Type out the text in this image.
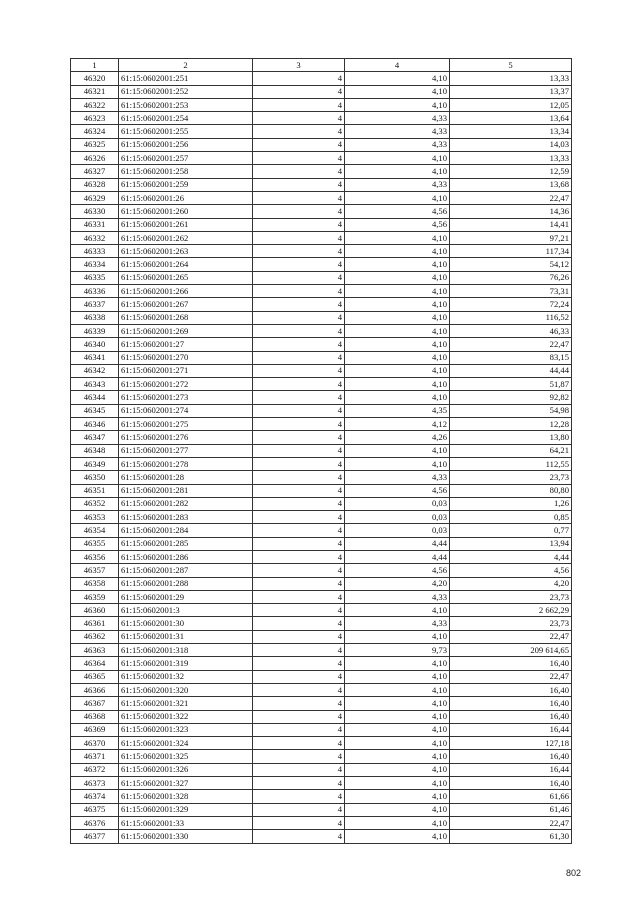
1	2	3	4	5
46320	61:15:0602001:251	4	4,10	13,33
46321	61:15:0602001:252	4	4,10	13,37
46322	61:15:0602001:253	4	4,10	12,05
46323	61:15:0602001:254	4	4,33	13,64
46324	61:15:0602001:255	4	4,33	13,34
46325	61:15:0602001:256	4	4,33	14,03
46326	61:15:0602001:257	4	4,10	13,33
46327	61:15:0602001:258	4	4,10	12,59
46328	61:15:0602001:259	4	4,33	13,68
46329	61:15:0602001:26	4	4,10	22,47
46330	61:15:0602001:260	4	4,56	14,36
46331	61:15:0602001:261	4	4,56	14,41
46332	61:15:0602001:262	4	4,10	97,21
46333	61:15:0602001:263	4	4,10	117,34
46334	61:15:0602001:264	4	4,10	54,12
46335	61:15:0602001:265	4	4,10	76,26
46336	61:15:0602001:266	4	4,10	73,31
46337	61:15:0602001:267	4	4,10	72,24
46338	61:15:0602001:268	4	4,10	116,52
46339	61:15:0602001:269	4	4,10	46,33
46340	61:15:0602001:27	4	4,10	22,47
46341	61:15:0602001:270	4	4,10	83,15
46342	61:15:0602001:271	4	4,10	44,44
46343	61:15:0602001:272	4	4,10	51,87
46344	61:15:0602001:273	4	4,10	92,82
46345	61:15:0602001:274	4	4,35	54,98
46346	61:15:0602001:275	4	4,12	12,28
46347	61:15:0602001:276	4	4,26	13,80
46348	61:15:0602001:277	4	4,10	64,21
46349	61:15:0602001:278	4	4,10	112,55
46350	61:15:0602001:28	4	4,33	23,73
46351	61:15:0602001:281	4	4,56	80,80
46352	61:15:0602001:282	4	0,03	1,26
46353	61:15:0602001:283	4	0,03	0,85
46354	61:15:0602001:284	4	0,03	0,77
46355	61:15:0602001:285	4	4,44	13,94
46356	61:15:0602001:286	4	4,44	4,44
46357	61:15:0602001:287	4	4,56	4,56
46358	61:15:0602001:288	4	4,20	4,20
46359	61:15:0602001:29	4	4,33	23,73
46360	61:15:0602001:3	4	4,10	2 662,29
46361	61:15:0602001:30	4	4,33	23,73
46362	61:15:0602001:31	4	4,10	22,47
46363	61:15:0602001:318	4	9,73	209 614,65
46364	61:15:0602001:319	4	4,10	16,40
46365	61:15:0602001:32	4	4,10	22,47
46366	61:15:0602001:320	4	4,10	16,40
46367	61:15:0602001:321	4	4,10	16,40
46368	61:15:0602001:322	4	4,10	16,40
46369	61:15:0602001:323	4	4,10	16,44
46370	61:15:0602001:324	4	4,10	127,18
46371	61:15:0602001:325	4	4,10	16,40
46372	61:15:0602001:326	4	4,10	16,44
46373	61:15:0602001:327	4	4,10	16,40
46374	61:15:0602001:328	4	4,10	61,66
46375	61:15:0602001:329	4	4,10	61,46
46376	61:15:0602001:33	4	4,10	22,47
46377	61:15:0602001:330	4	4,10	61,30
802
